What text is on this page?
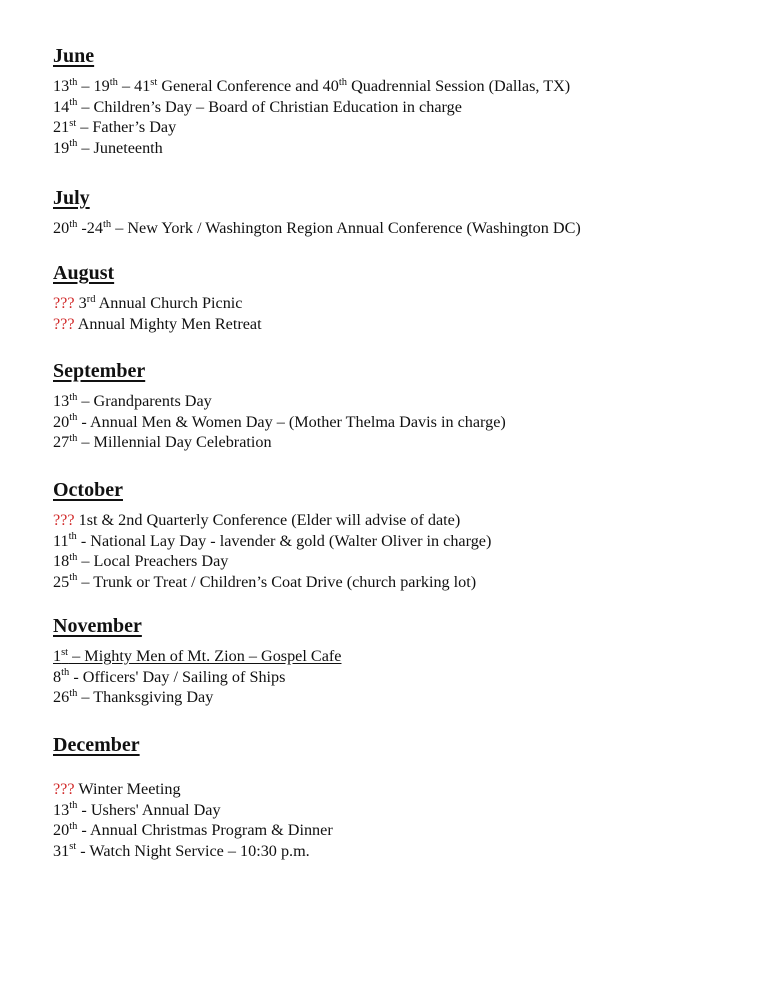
June
13th – 19th – 41st General Conference and 40th Quadrennial Session (Dallas, TX)
14th – Children’s Day – Board of Christian Education in charge
21st – Father’s Day
19th – Juneteenth
July
20th -24th – New York / Washington Region Annual Conference (Washington DC)
August
??? 3rd Annual Church Picnic
??? Annual Mighty Men Retreat
September
13th – Grandparents Day
20th - Annual Men & Women Day – (Mother Thelma Davis in charge)
27th – Millennial Day Celebration
October
??? 1st & 2nd Quarterly Conference (Elder will advise of date)
11th - National Lay Day - lavender & gold (Walter Oliver in charge)
18th – Local Preachers Day
25th – Trunk or Treat / Children’s Coat Drive (church parking lot)
November
1st – Mighty Men of Mt. Zion – Gospel Cafe
8th - Officers' Day / Sailing of Ships
26th – Thanksgiving Day
December
??? Winter Meeting
13th - Ushers' Annual Day
20th - Annual Christmas Program & Dinner
31st - Watch Night Service – 10:30 p.m.
